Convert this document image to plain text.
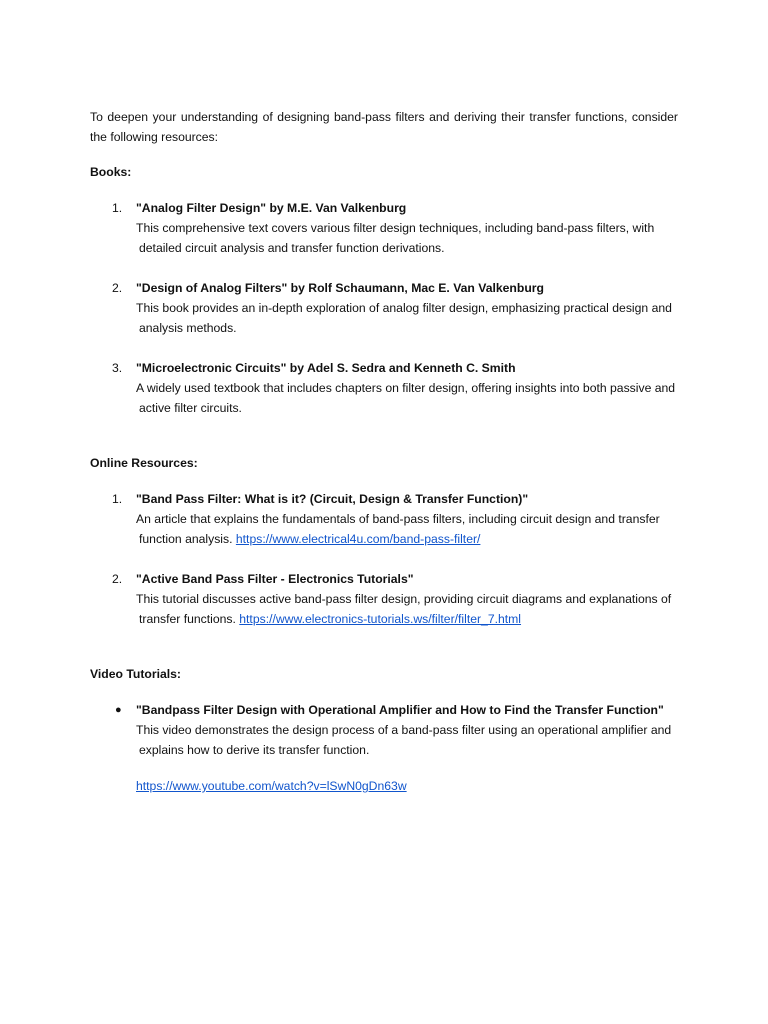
To deepen your understanding of designing band-pass filters and deriving their transfer functions, consider the following resources:

Books:
1. "Analog Filter Design" by M.E. Van Valkenburg
This comprehensive text covers various filter design techniques, including band-pass filters, with detailed circuit analysis and transfer function derivations.
2. "Design of Analog Filters" by Rolf Schaumann, Mac E. Van Valkenburg
This book provides an in-depth exploration of analog filter design, emphasizing practical design and analysis methods.
3. "Microelectronic Circuits" by Adel S. Sedra and Kenneth C. Smith
A widely used textbook that includes chapters on filter design, offering insights into both passive and active filter circuits.
Online Resources:
1. "Band Pass Filter: What is it? (Circuit, Design & Transfer Function)"
An article that explains the fundamentals of band-pass filters, including circuit design and transfer function analysis. https://www.electrical4u.com/band-pass-filter/
2. "Active Band Pass Filter - Electronics Tutorials"
This tutorial discusses active band-pass filter design, providing circuit diagrams and explanations of transfer functions. https://www.electronics-tutorials.ws/filter/filter_7.html
Video Tutorials:
● "Bandpass Filter Design with Operational Amplifier and How to Find the Transfer Function"
This video demonstrates the design process of a band-pass filter using an operational amplifier and explains how to derive its transfer function.
https://www.youtube.com/watch?v=lSwN0gDn63w
